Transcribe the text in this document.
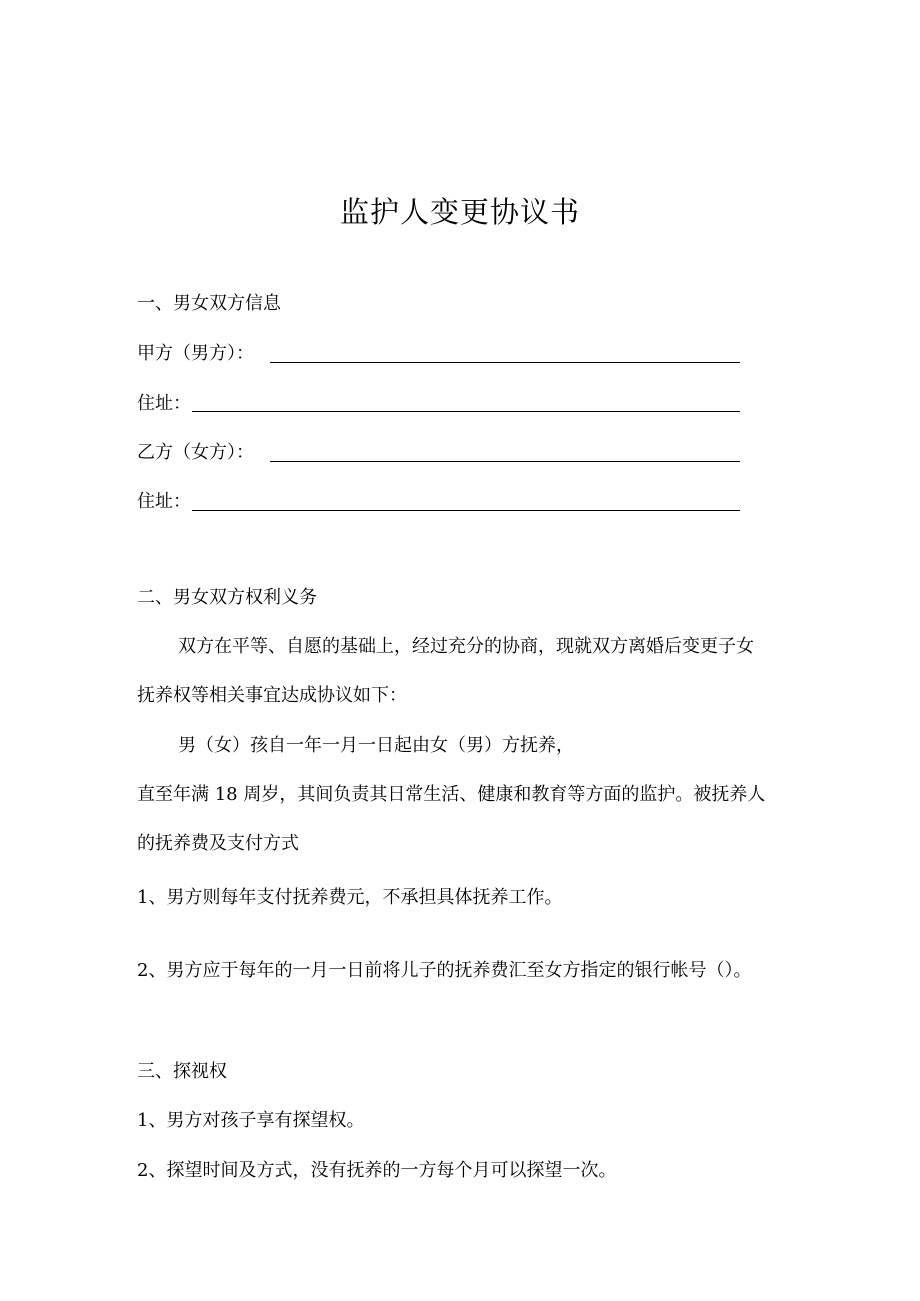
监护人变更协议书
一、男女双方信息
甲方（男方）：
住址：
乙方（女方）：
住址：
二、男女双方权利义务
双方在平等、自愿的基础上，经过充分的协商，现就双方离婚后变更子女
抚养权等相关事宜达成协议如下：
男（女）孩自一年一月一日起由女（男）方抚养，
直至年满 18 周岁，其间负责其日常生活、健康和教育等方面的监护。被抚养人
的抚养费及支付方式
1、男方则每年支付抚养费元，不承担具体抚养工作。
2、男方应于每年的一月一日前将儿子的抚养费汇至女方指定的银行帐号（）。
三、探视权
1、男方对孩子享有探望权。
2、探望时间及方式，没有抚养的一方每个月可以探望一次。
